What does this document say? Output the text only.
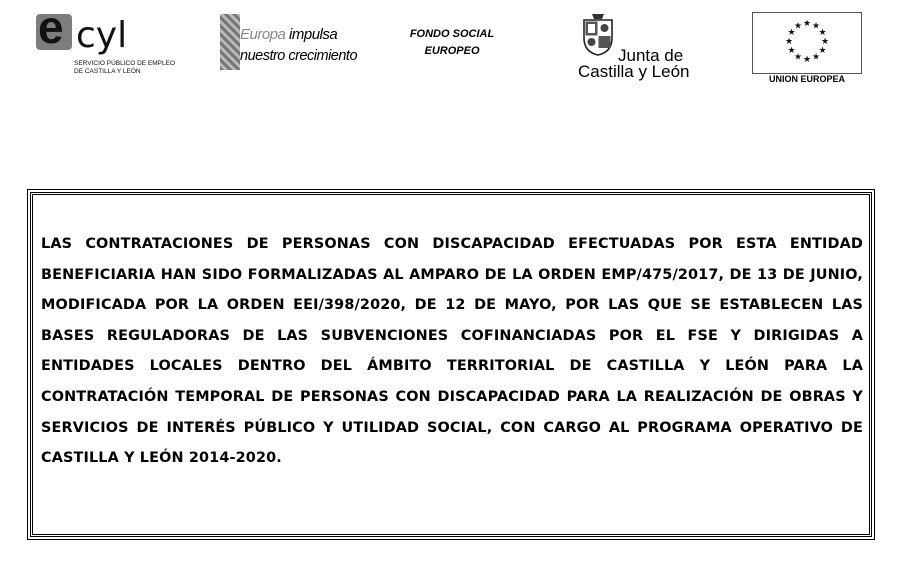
e cyl
SERVICIO PÚBLICO DE EMPLEO
DE CASTILLA Y LEÓN
Europa impulsa
nuestro crecimiento
FONDO SOCIAL
EUROPEO	Junta de
Castilla y León
★ ★
★
★
★
★
★
★
★
★
★
★
UNION EUROPEA

LAS CONTRATACIONES DE PERSONAS CON DISCAPACIDAD EFECTUADAS POR ESTA ENTIDAD BENEFICIARIA HAN SIDO FORMALIZADAS AL AMPARO DE LA ORDEN EMP/475/2017, DE 13 DE JUNIO, MODIFICADA POR LA ORDEN EEI/398/2020, DE 12 DE MAYO, POR LAS QUE SE ESTABLECEN LAS BASES REGULADORAS DE LAS SUBVENCIONES COFINANCIADAS POR EL FSE Y DIRIGIDAS A ENTIDADES LOCALES DENTRO DEL ÁMBITO TERRITORIAL DE CASTILLA Y LEÓN PARA LA CONTRATACIÓN TEMPORAL DE PERSONAS CON DISCAPACIDAD PARA LA REALIZACIÓN DE OBRAS Y SERVICIOS DE INTERÉS PÚBLICO Y UTILIDAD SOCIAL, CON CARGO AL PROGRAMA OPERATIVO DE CASTILLA Y LEÓN 2014-2020.
